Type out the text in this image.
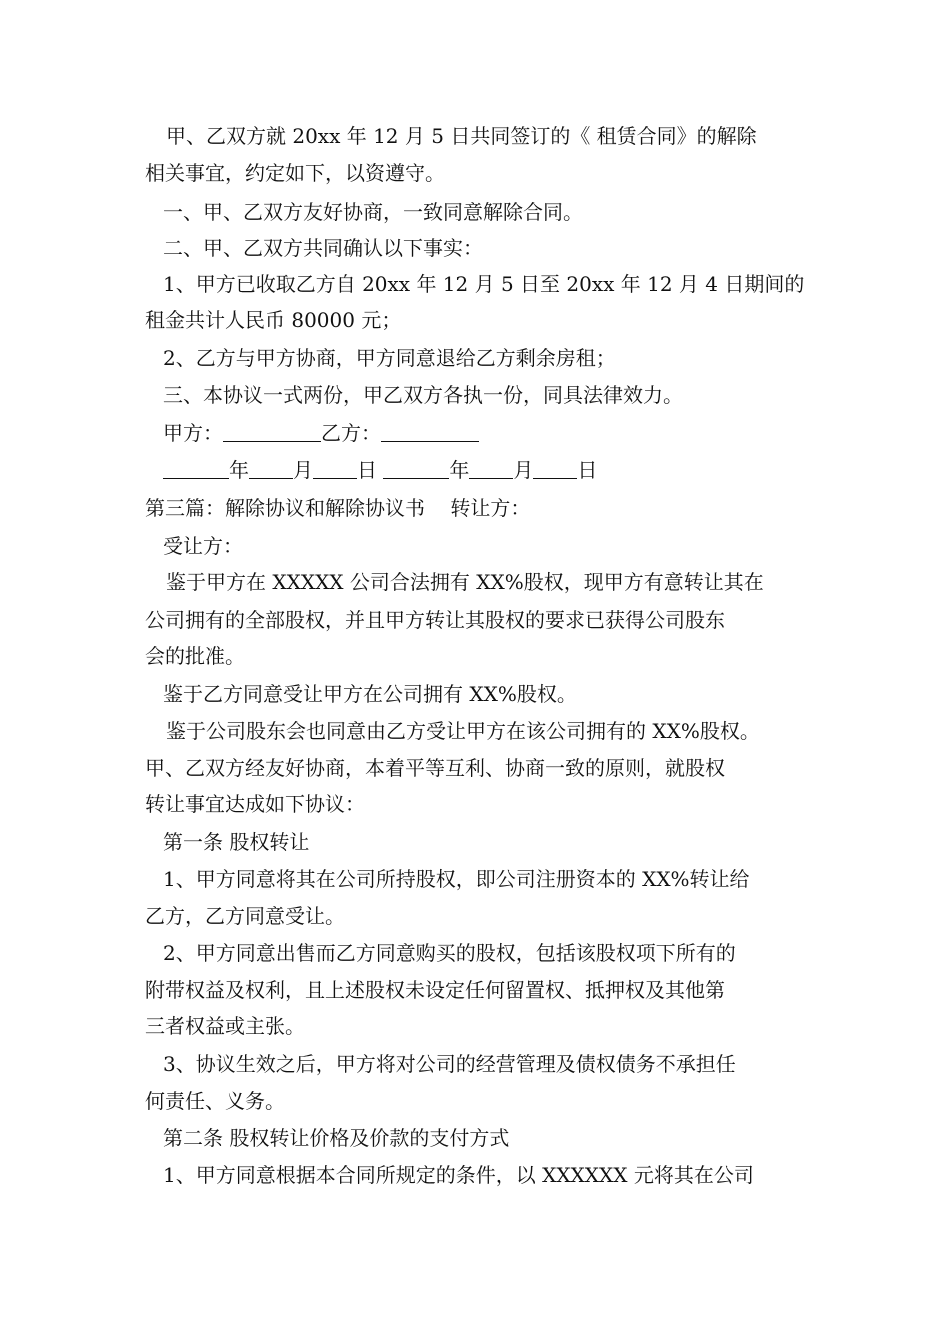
甲、乙双方就 20xx 年 12 月 5 日共同签订的《 租赁合同》的解除
相关事宜，约定如下，以资遵守。
一、甲、乙双方友好协商，一致同意解除合同。
二、甲、乙双方共同确认以下事实：
1、甲方已收取乙方自 20xx 年 12 月 5 日至 20xx 年 12 月 4 日期间的
租金共计人民币 80000 元；
2、乙方与甲方协商，甲方同意退给乙方剩余房租；
三、本协议一式两份，甲乙双方各执一份，同具法律效力。
甲方：	乙方：
年 月 日	年 月 日
第三篇：解除协议和解除协议书    转让方：
受让方：
鉴于甲方在 XXXXX 公司合法拥有 XX%股权，现甲方有意转让其在
公司拥有的全部股权，并且甲方转让其股权的要求已获得公司股东
会的批准。
鉴于乙方同意受让甲方在公司拥有 XX%股权。
鉴于公司股东会也同意由乙方受让甲方在该公司拥有的 XX%股权。
甲、乙双方经友好协商，本着平等互利、协商一致的原则，就股权
转让事宜达成如下协议：
第一条 股权转让
1、甲方同意将其在公司所持股权，即公司注册资本的 XX%转让给
乙方，乙方同意受让。
2、甲方同意出售而乙方同意购买的股权，包括该股权项下所有的
附带权益及权利，且上述股权未设定任何留置权、抵押权及其他第
三者权益或主张。
3、协议生效之后，甲方将对公司的经营管理及债权债务不承担任
何责任、义务。
第二条 股权转让价格及价款的支付方式
1、甲方同意根据本合同所规定的条件，以 XXXXXX 元将其在公司
